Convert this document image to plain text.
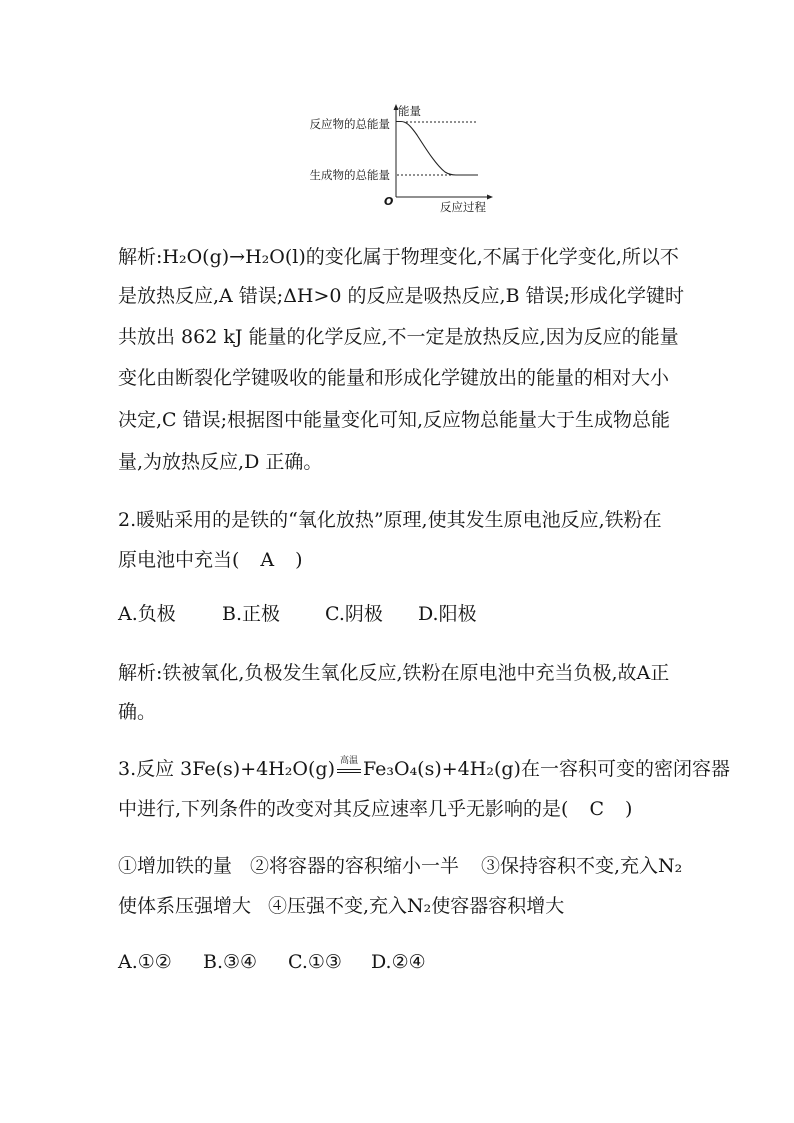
能量
反应物的总能量
生成物的总能量
O	反应过程
解析:H₂O(g)→H₂O(l)的变化属于物理变化,不属于化学变化,所以不
是放热反应,A 错误;ΔH>0 的反应是吸热反应,B 错误;形成化学键时
共放出 862 kJ 能量的化学反应,不一定是放热反应,因为反应的能量
变化由断裂化学键吸收的能量和形成化学键放出的能量的相对大小
决定,C 错误;根据图中能量变化可知,反应物总能量大于生成物总能
量,为放热反应,D 正确。
2.暖贴采用的是铁的“氧化放热”原理,使其发生原电池反应,铁粉在
原电池中充当( A )
A.负极 B.正极 C.阴极 D.阳极
解析:铁被氧化,负极发生氧化反应,铁粉在原电池中充当负极,故A正
确。
3.反应 3Fe(s)+4H₂O(g) 高温 Fe₃O₄(s)+4H₂(g)在一容积可变的密闭容器
中进行,下列条件的改变对其反应速率几乎无影响的是( C )
①增加铁的量 ②将容器的容积缩小一半 ③保持容积不变,充入N₂
使体系压强增大 ④压强不变,充入N₂使容器容积增大
A.①② B.③④ C.①③ D.②④
